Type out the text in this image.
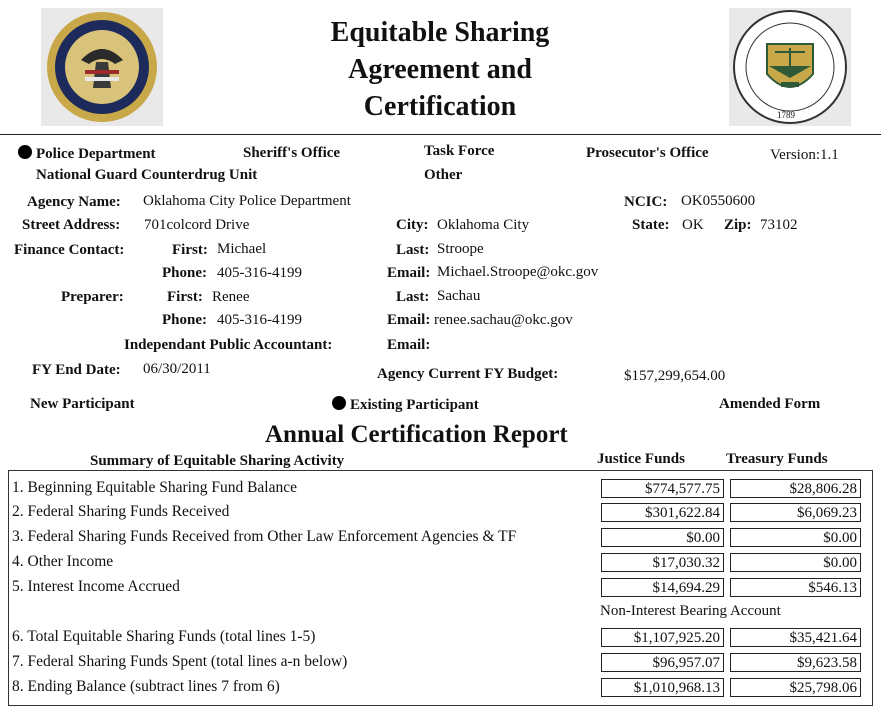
1789
Equitable Sharing Agreement and Certification
Police Department	Sheriff's Office	Task Force	Prosecutor's Office	Version:1.1
National Guard Counterdrug Unit	Other
Agency Name: Oklahoma City Police Department	NCIC: OK0550600
Street Address: 701colcord Drive	City: Oklahoma City	State: OK Zip: 73102
Finance Contact:	First: Michael	Last: Stroope
Phone: 405-316-4199	Email: Michael.Stroope@okc.gov
Preparer:	First: Renee	Last: Sachau
Phone: 405-316-4199	Email: renee.sachau@okc.gov
Independant Public Accountant:	Email:
FY End Date: 06/30/2011	Agency Current FY Budget:	$157,299,654.00
New Participant	Existing Participant	Amended Form
Annual Certification Report
Summary of Equitable Sharing Activity	Justice Funds	Treasury Funds
1. Beginning Equitable Sharing Fund Balance	$774,577.75	$28,806.28
2. Federal Sharing Funds Received	$301,622.84	$6,069.23
3. Federal Sharing Funds Received from Other Law Enforcement Agencies & TF	$0.00	$0.00
4. Other Income	$17,030.32	$0.00
5. Interest Income Accrued	$14,694.29	$546.13
Non-Interest Bearing Account
6. Total Equitable Sharing Funds (total lines 1-5)	$1,107,925.20	$35,421.64
7. Federal Sharing Funds Spent (total lines a-n below)	$96,957.07	$9,623.58
8. Ending Balance (subtract lines 7 from 6)	$1,010,968.13	$25,798.06
